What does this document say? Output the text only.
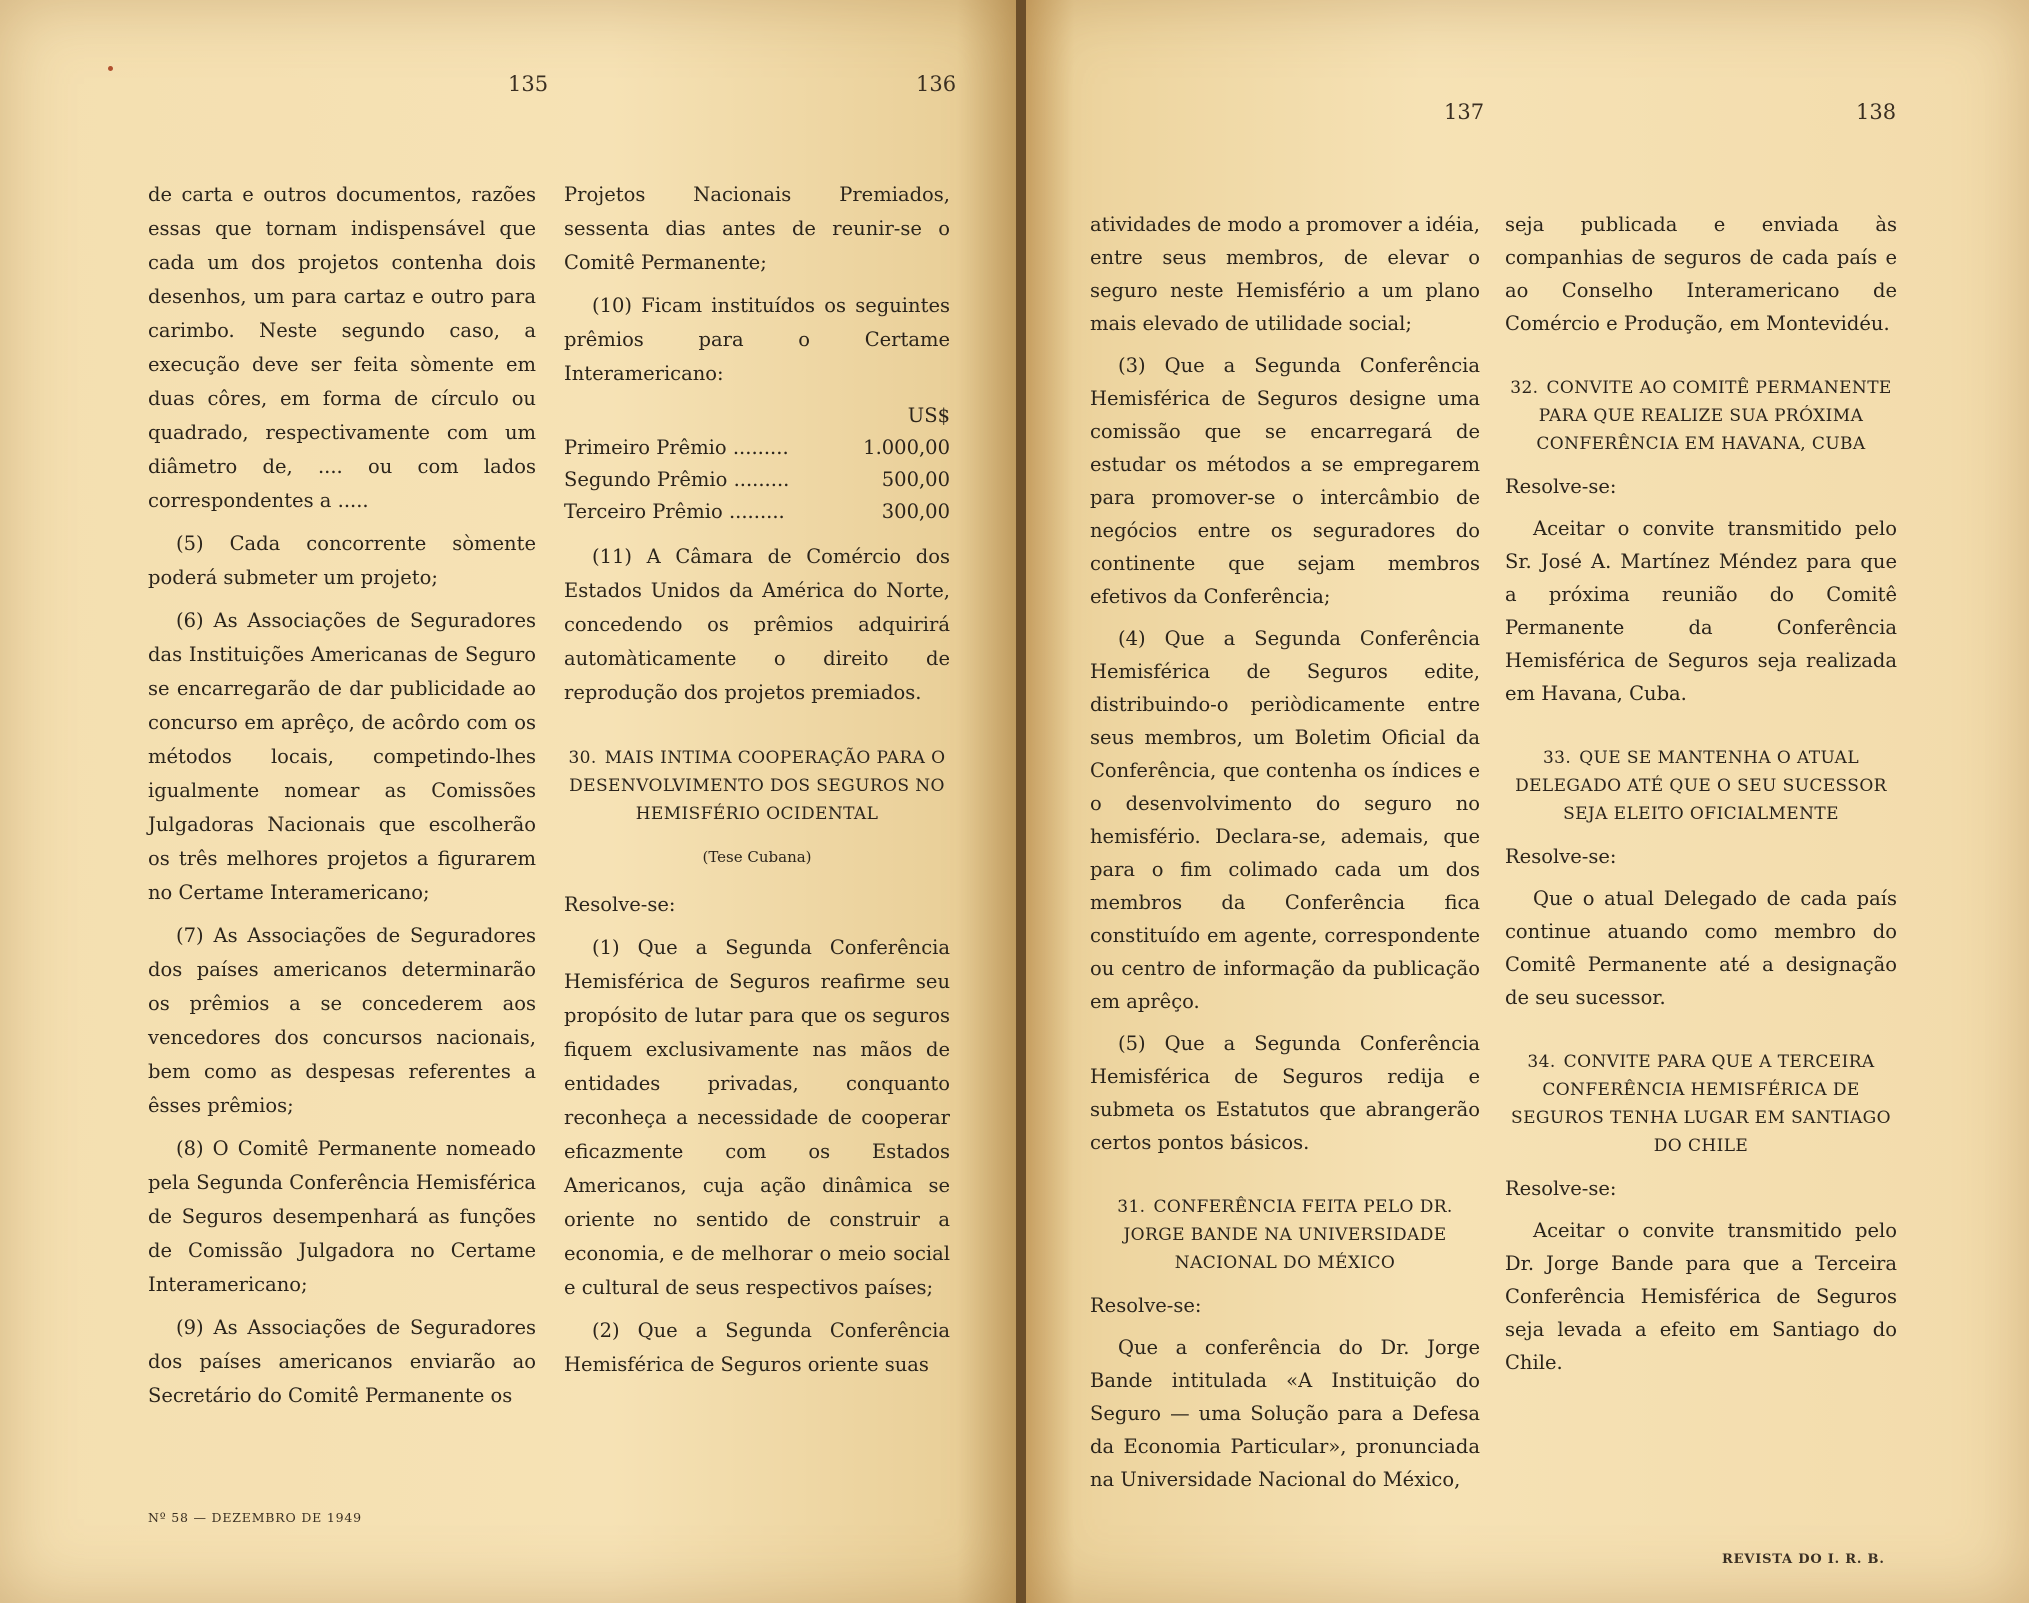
135

de carta e outros documentos, razões essas que tornam indispensável que cada um dos projetos contenha dois desenhos, um para cartaz e outro para carimbo. Neste segundo caso, a execução deve ser feita sòmente em duas côres, em forma de círculo ou quadrado, respectivamente com um diâmetro de, .... ou com lados correspondentes a .....

(5) Cada concorrente sòmente poderá submeter um projeto;

(6) As Associações de Seguradores das Instituições Americanas de Seguro se encarregarão de dar publicidade ao concurso em aprêço, de acôrdo com os métodos locais, competindo-lhes igualmente nomear as Comissões Julgadoras Nacionais que escolherão os três melhores projetos a figurarem no Certame Interamericano;

(7) As Associações de Seguradores dos países americanos determinarão os prêmios a se concederem aos vencedores dos concursos nacionais, bem como as despesas referentes a êsses prêmios;

(8) O Comitê Permanente nomeado pela Segunda Conferência Hemisférica de Seguros desempenhará as funções de Comissão Julgadora no Certame Interamericano;

(9) As Associações de Seguradores dos países americanos enviarão ao Secretário do Comitê Permanente os

Nº 58 — DEZEMBRO DE 1949
136

Projetos Nacionais Premiados, sessenta dias antes de reunir-se o Comitê Permanente;

(10) Ficam instituídos os seguintes prêmios para o Certame Interamericano:

US$
Primeiro Prêmio .........	1.000,00
Segundo Prêmio .........	500,00
Terceiro Prêmio .........	300,00

(11) A Câmara de Comércio dos Estados Unidos da América do Norte, concedendo os prêmios adquirirá automàticamente o direito de reprodução dos projetos premiados.

30. MAIS INTIMA COOPERAÇÃO PARA O DESENVOLVIMENTO DOS SEGUROS NO HEMISFÉRIO OCIDENTAL
(Tese Cubana)

Resolve-se:

(1) Que a Segunda Conferência Hemisférica de Seguros reafirme seu propósito de lutar para que os seguros fiquem exclusivamente nas mãos de entidades privadas, conquanto reconheça a necessidade de cooperar eficazmente com os Estados Americanos, cuja ação dinâmica se oriente no sentido de construir a economia, e de melhorar o meio social e cultural de seus respectivos países;

(2) Que a Segunda Conferência Hemisférica de Seguros oriente suas

137

atividades de modo a promover a idéia, entre seus membros, de elevar o seguro neste Hemisfério a um plano mais elevado de utilidade social;

(3) Que a Segunda Conferência Hemisférica de Seguros designe uma comissão que se encarregará de estudar os métodos a se empregarem para promover-se o intercâmbio de negócios entre os seguradores do continente que sejam membros efetivos da Conferência;

(4) Que a Segunda Conferência Hemisférica de Seguros edite, distribuindo-o periòdicamente entre seus membros, um Boletim Oficial da Conferência, que contenha os índices e o desenvolvimento do seguro no hemisfério. Declara-se, ademais, que para o fim colimado cada um dos membros da Conferência fica constituído em agente, correspondente ou centro de informação da publicação em aprêço.

(5) Que a Segunda Conferência Hemisférica de Seguros redija e submeta os Estatutos que abrangerão certos pontos básicos.

31. CONFERÊNCIA FEITA PELO DR. JORGE BANDE NA UNIVERSIDADE NACIONAL DO MÉXICO

Resolve-se:

Que a conferência do Dr. Jorge Bande intitulada «A Instituição do Seguro — uma Solução para a Defesa da Economia Particular», pronunciada na Universidade Nacional do México,

138

seja publicada e enviada às companhias de seguros de cada país e ao Conselho Interamericano de Comércio e Produção, em Montevidéu.

32. CONVITE AO COMITÊ PERMANENTE PARA QUE REALIZE SUA PRÓXIMA CONFERÊNCIA EM HAVANA, CUBA

Resolve-se:

Aceitar o convite transmitido pelo Sr. José A. Martínez Méndez para que a próxima reunião do Comitê Permanente da Conferência Hemisférica de Seguros seja realizada em Havana, Cuba.

33. QUE SE MANTENHA O ATUAL DELEGADO ATÉ QUE O SEU SUCESSOR SEJA ELEITO OFICIALMENTE

Resolve-se:

Que o atual Delegado de cada país continue atuando como membro do Comitê Permanente até a designação de seu sucessor.

34. CONVITE PARA QUE A TERCEIRA CONFERÊNCIA HEMISFÉRICA DE SEGUROS TENHA LUGAR EM SANTIAGO DO CHILE

Resolve-se:

Aceitar o convite transmitido pelo Dr. Jorge Bande para que a Terceira Conferência Hemisférica de Seguros seja levada a efeito em Santiago do Chile.

REVISTA DO I. R. B.
